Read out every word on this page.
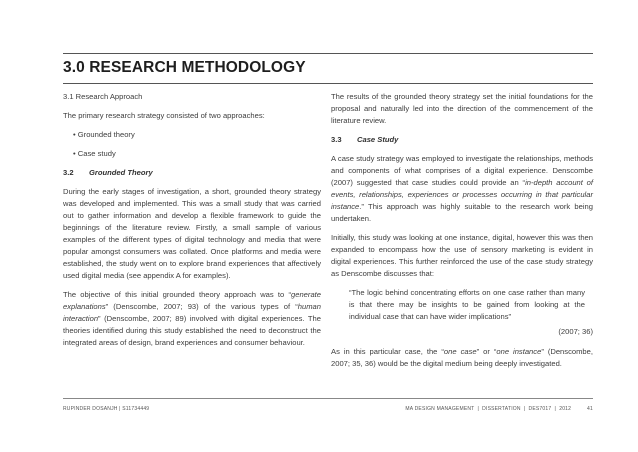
3.0 RESEARCH METHODOLOGY
3.1 Research Approach

The primary research strategy consisted of two approaches:

• Grounded theory
• Case study
3.2 Grounded Theory

During the early stages of investigation, a short, grounded theory strategy was developed and implemented. This was a small study that was carried out to gather information and develop a flexible framework to guide the beginnings of the literature review. Firstly, a small sample of various examples of the different types of digital technology and media that were popular amongst consumers was collated. Once platforms and media were established, the study went on to explore brand experiences that affectively used digital media (see appendix A for examples).

The objective of this initial grounded theory approach was to “generate explanations” (Denscombe, 2007; 93) of the various types of “human interaction” (Denscombe, 2007; 89) involved with digital experiences. The theories identified during this study established the need to deconstruct the integrated areas of design, brand experiences and consumer behaviour.

The results of the grounded theory strategy set the initial foundations for the proposal and naturally led into the direction of the commencement of the literature review.

3.3 Case Study

A case study strategy was employed to investigate the relationships, methods and components of what comprises of a digital experience. Denscombe (2007) suggested that case studies could provide an “in-depth account of events, relationships, experiences or processes occurring in that particular instance.” This approach was highly suitable to the research work being undertaken.

Initially, this study was looking at one instance, digital, however this was then expanded to encompass how the use of sensory marketing is evident in digital experiences. This further reinforced the use of the case study strategy as Denscombe discusses that:

“The logic behind concentrating efforts on one case rather than many is that there may be insights to be gained from looking at the individual case that can have wider implications”
(2007; 36)

As in this particular case, the “one case” or “one instance” (Denscombe, 2007; 35, 36) would be the digital medium being deeply investigated.

RUPINDER DOSANJH | S11734449	MA DESIGN MANAGEMENT  |  DISSERTATION  |  DES7017  |  2012          41
